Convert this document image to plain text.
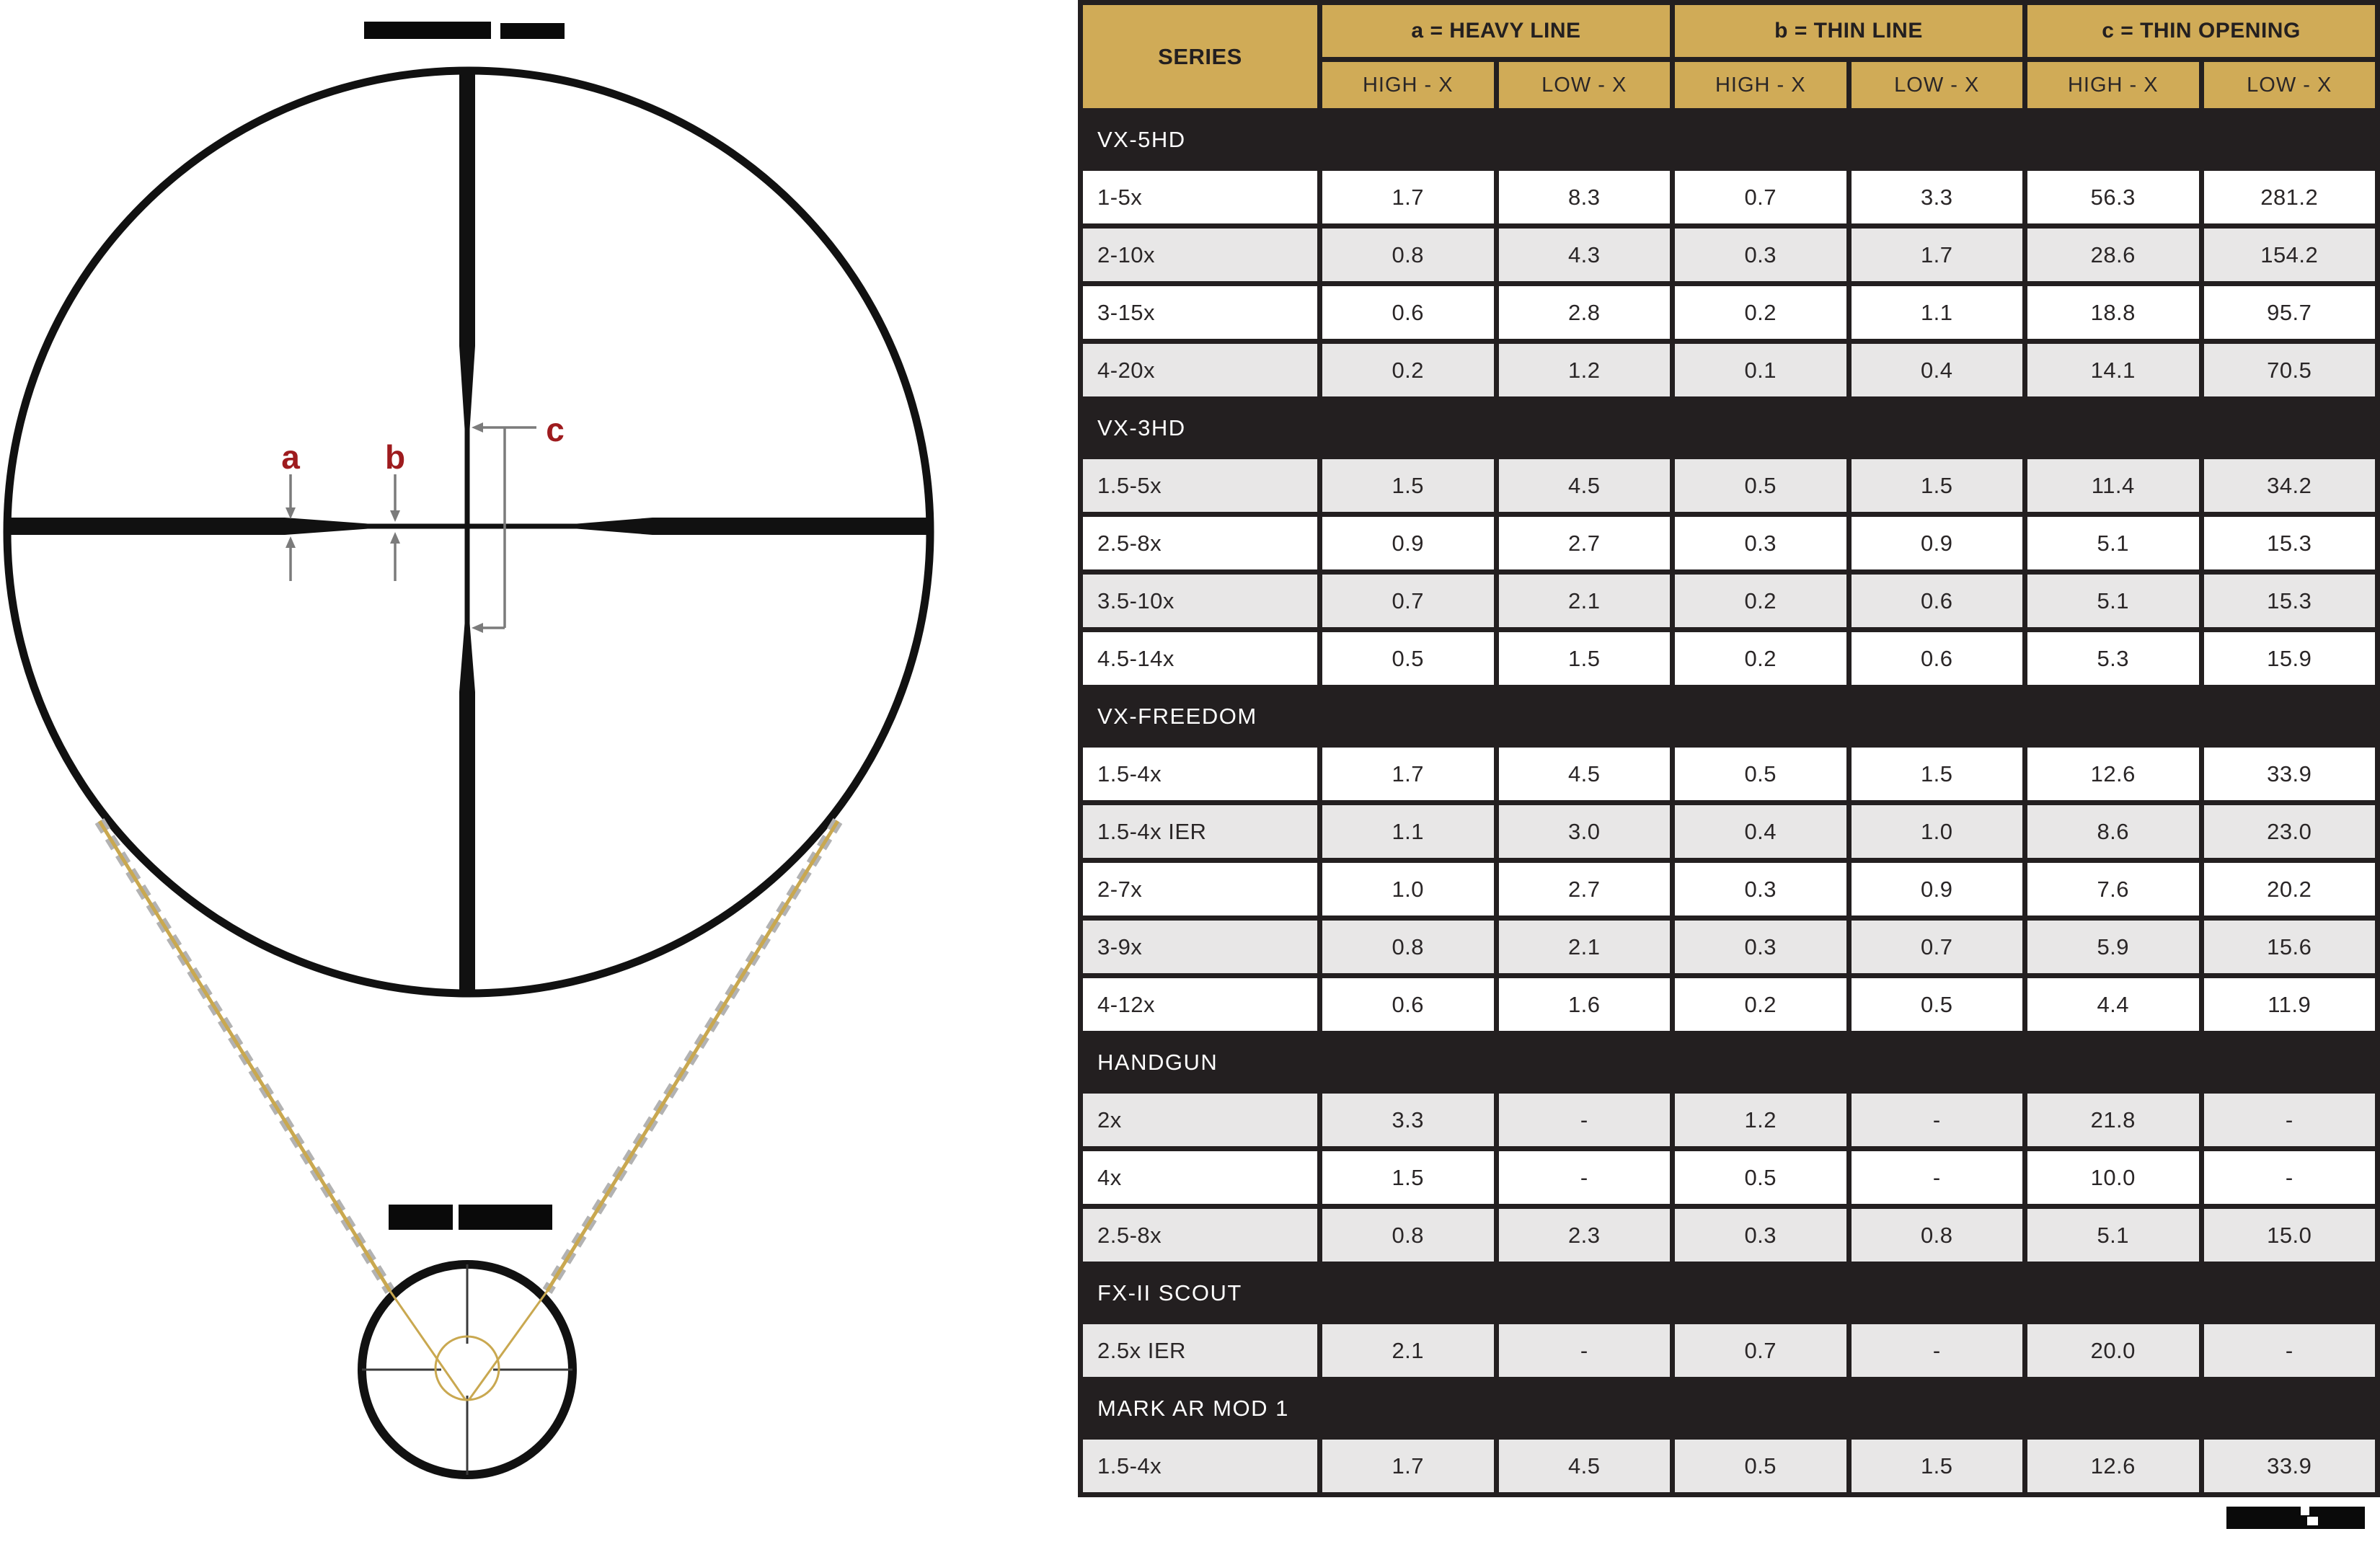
a	b
c
SERIES
a = HEAVY LINE	b = THIN LINE	c = THIN OPENING
HIGH - X	LOW - X	HIGH - X	LOW - X	HIGH - X	LOW - X
VX-5HD
1-5x	1.7	8.3	0.7	3.3	56.3	281.2
2-10x	0.8	4.3	0.3	1.7	28.6	154.2
3-15x	0.6	2.8	0.2	1.1	18.8	95.7
4-20x	0.2	1.2	0.1	0.4	14.1	70.5
VX-3HD
1.5-5x	1.5	4.5	0.5	1.5	11.4	34.2
2.5-8x	0.9	2.7	0.3	0.9	5.1	15.3
3.5-10x	0.7	2.1	0.2	0.6	5.1	15.3
4.5-14x	0.5	1.5	0.2	0.6	5.3	15.9
VX-FREEDOM
1.5-4x	1.7	4.5	0.5	1.5	12.6	33.9
1.5-4x IER	1.1	3.0	0.4	1.0	8.6	23.0
2-7x	1.0	2.7	0.3	0.9	7.6	20.2
3-9x	0.8	2.1	0.3	0.7	5.9	15.6
4-12x	0.6	1.6	0.2	0.5	4.4	11.9
HANDGUN
2x	3.3	-	1.2	-	21.8	-
4x	1.5	-	0.5	-	10.0	-
2.5-8x	0.8	2.3	0.3	0.8	5.1	15.0
FX-II SCOUT
2.5x IER	2.1	-	0.7	-	20.0	-
MARK AR MOD 1
1.5-4x	1.7	4.5	0.5	1.5	12.6	33.9
